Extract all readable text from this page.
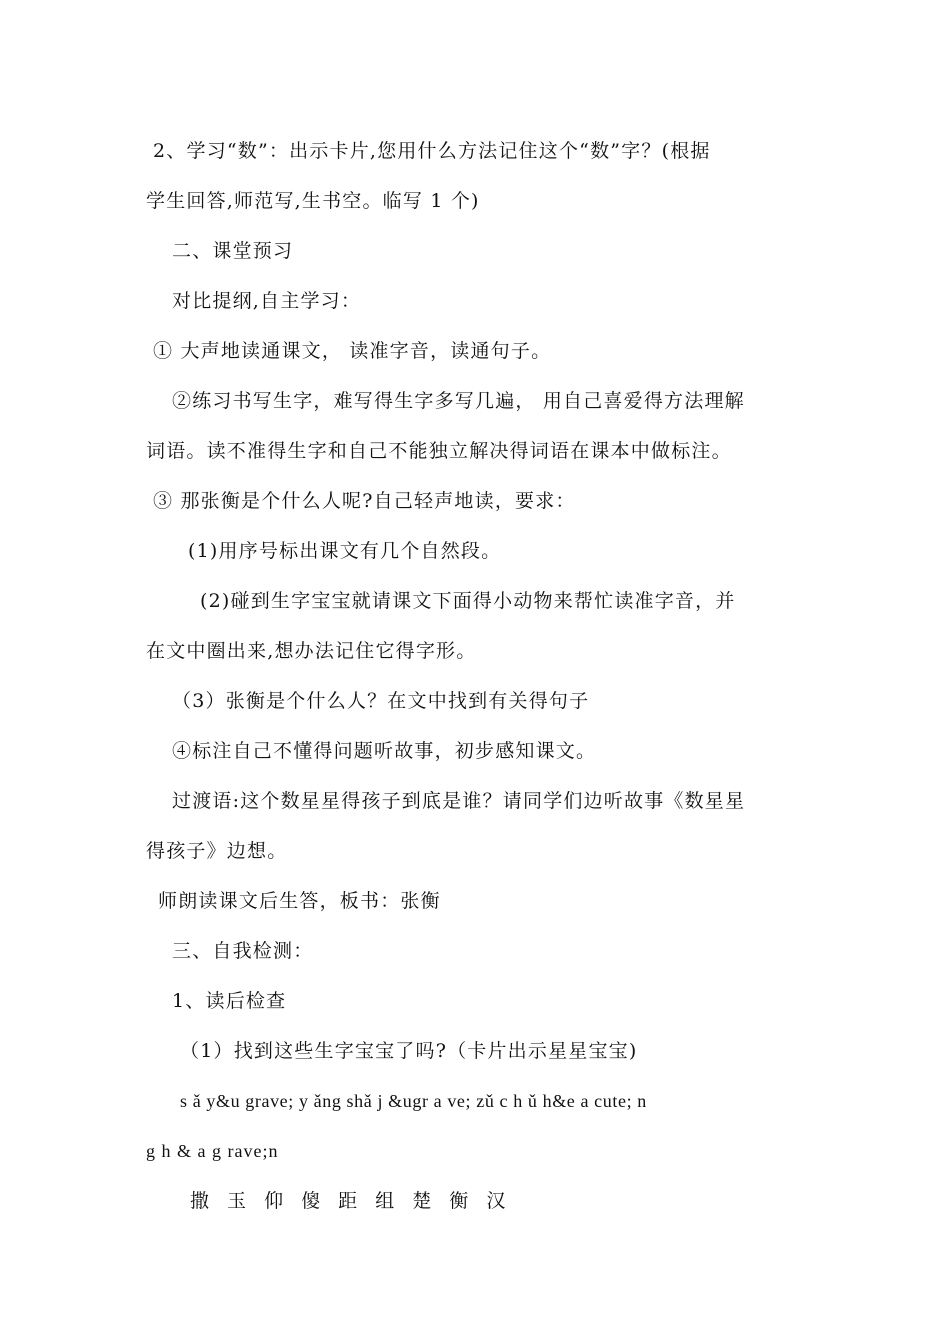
2、学习“数”：出示卡片,您用什么方法记住这个“数”字？(根据
学生回答,师范写,生书空。临写 1 个)
二、课堂预习
对比提纲,自主学习：
① 大声地读通课文， 读准字音，读通句子。
②练习书写生字，难写得生字多写几遍， 用自己喜爱得方法理解
词语。读不准得生字和自己不能独立解决得词语在课本中做标注。
③ 那张衡是个什么人呢?自己轻声地读，要求：
(1)用序号标出课文有几个自然段。
(2)碰到生字宝宝就请课文下面得小动物来帮忙读准字音，并
在文中圈出来,想办法记住它得字形。
（3）张衡是个什么人？在文中找到有关得句子
④标注自己不懂得问题听故事，初步感知课文。
过渡语:这个数星星得孩子到底是谁？请同学们边听故事《数星星
得孩子》边想。
师朗读课文后生答，板书：张衡
三、自我检测：
1、读后检查
（1）找到这些生字宝宝了吗?（卡片出示星星宝宝)
s ǎ y&u grave; y ǎng shǎ j &ugr a ve; zǔ c h ǔ h&e a cute; n
g h & a g rave;n
撒 玉 仰 傻 距 组 楚 衡 汉
